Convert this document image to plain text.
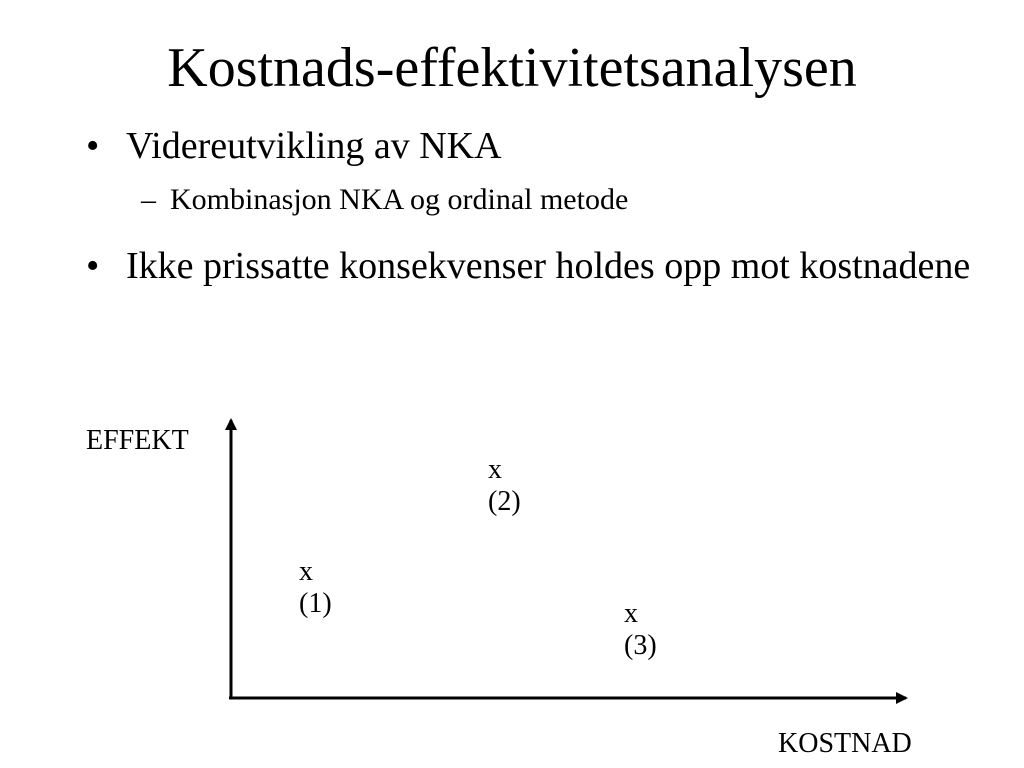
Kostnads-effektivitetsanalysen
• Videreutvikling av NKA
– Kombinasjon NKA og ordinal metode
• Ikke prissatte konsekvenser holdes opp mot kostnadene
EFFEKT
KOSTNAD
x
(1)
x
(2)
x
(3)
